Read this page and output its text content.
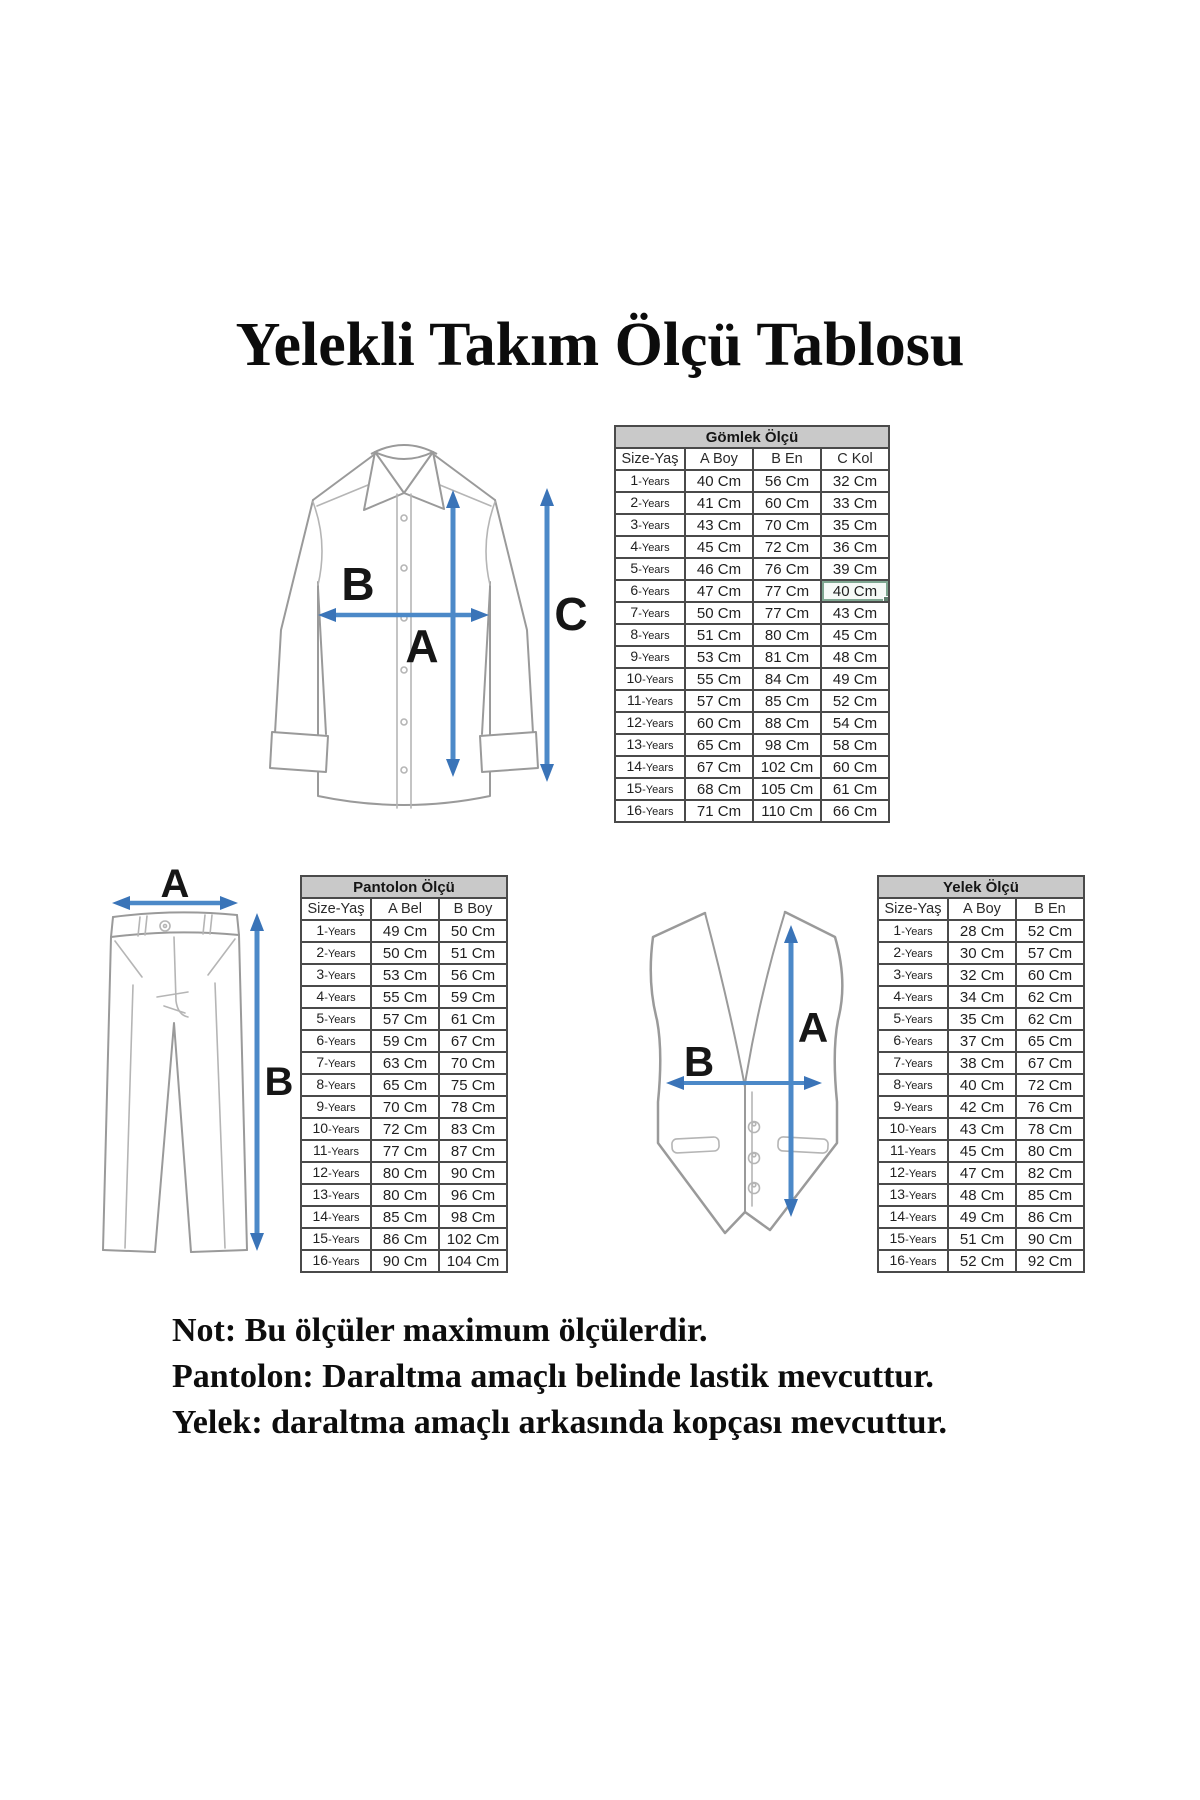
Yelekli Takım Ölçü Tablosu
A
B
C
Gömlek Ölçü			
Size-Yaş	A Boy	B En	C Kol
1-Years	40 Cm	56 Cm	32 Cm
2-Years	41 Cm	60 Cm	33 Cm
3-Years	43 Cm	70 Cm	35 Cm
4-Years	45 Cm	72 Cm	36 Cm
5-Years	46 Cm	76 Cm	39 Cm
6-Years	47 Cm	77 Cm	40 Cm
7-Years	50 Cm	77 Cm	43 Cm
8-Years	51 Cm	80 Cm	45 Cm
9-Years	53 Cm	81 Cm	48 Cm
10-Years	55 Cm	84 Cm	49 Cm
11-Years	57 Cm	85 Cm	52 Cm
12-Years	60 Cm	88 Cm	54 Cm
13-Years	65 Cm	98 Cm	58 Cm
14-Years	67 Cm	102 Cm	60 Cm
15-Years	68 Cm	105 Cm	61 Cm
16-Years	71 Cm	110 Cm	66 Cm
A
B
Pantolon Ölçü		
Size-Yaş	A Bel	B Boy
1-Years	49 Cm	50 Cm
2-Years	50 Cm	51 Cm
3-Years	53 Cm	56 Cm
4-Years	55 Cm	59 Cm
5-Years	57 Cm	61 Cm
6-Years	59 Cm	67 Cm
7-Years	63 Cm	70 Cm
8-Years	65 Cm	75 Cm
9-Years	70 Cm	78 Cm
10-Years	72 Cm	83 Cm
11-Years	77 Cm	87 Cm
12-Years	80 Cm	90 Cm
13-Years	80 Cm	96 Cm
14-Years	85 Cm	98 Cm
15-Years	86 Cm	102 Cm
16-Years	90 Cm	104 Cm
A
B
Yelek Ölçü		
Size-Yaş	A Boy	B En
1-Years	28 Cm	52 Cm
2-Years	30 Cm	57 Cm
3-Years	32 Cm	60 Cm
4-Years	34 Cm	62 Cm
5-Years	35 Cm	62 Cm
6-Years	37 Cm	65 Cm
7-Years	38 Cm	67 Cm
8-Years	40 Cm	72 Cm
9-Years	42 Cm	76 Cm
10-Years	43 Cm	78 Cm
11-Years	45 Cm	80 Cm
12-Years	47 Cm	82 Cm
13-Years	48 Cm	85 Cm
14-Years	49 Cm	86 Cm
15-Years	51 Cm	90 Cm
16-Years	52 Cm	92 Cm
Not: Bu ölçüler maximum ölçülerdir.
Pantolon: Daraltma amaçlı belinde lastik mevcuttur.
Yelek: daraltma amaçlı arkasında kopçası mevcuttur.
